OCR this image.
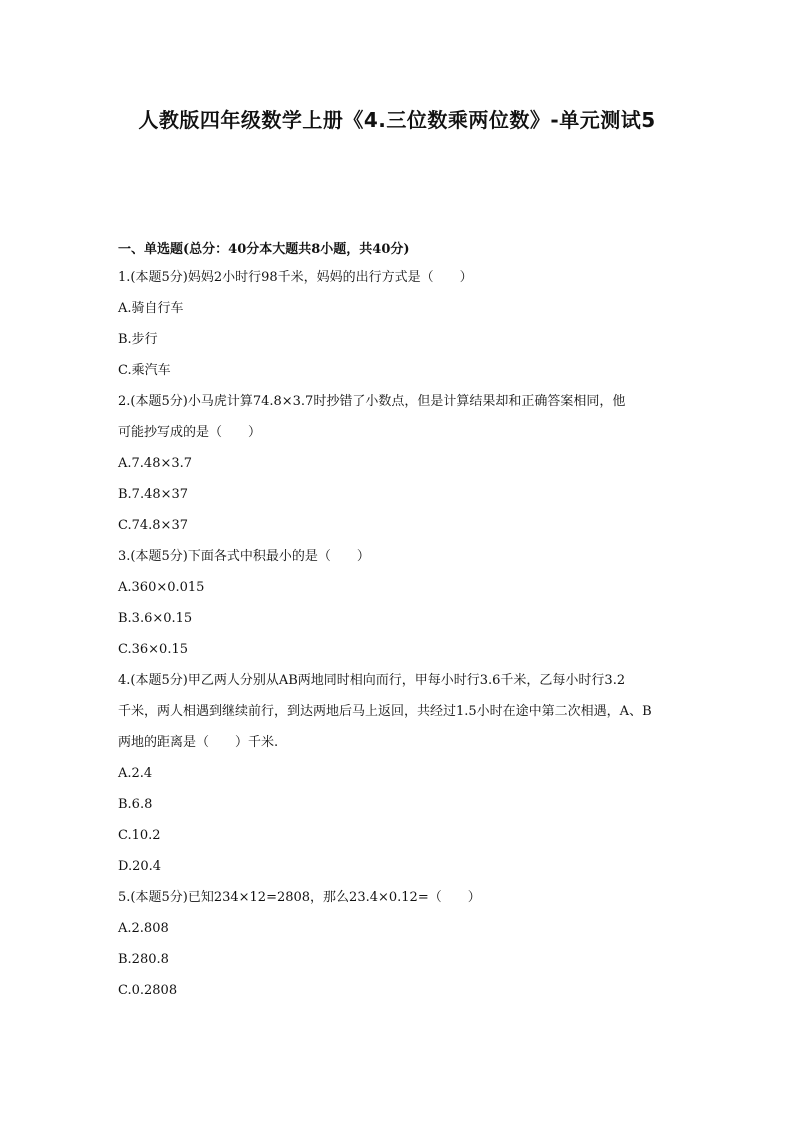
人教版四年级数学上册《4.三位数乘两位数》-单元测试5
一、单选题(总分：40分本大题共8小题，共40分)
1.(本题5分)妈妈2小时行98千米，妈妈的出行方式是（　　）
A.骑自行车
B.步行
C.乘汽车
2.(本题5分)小马虎计算74.8×3.7时抄错了小数点，但是计算结果却和正确答案相同，他
可能抄写成的是（　　）
A.7.48×3.7
B.7.48×37
C.74.8×37
3.(本题5分)下面各式中积最小的是（　　）
A.360×0.015
B.3.6×0.15
C.36×0.15
4.(本题5分)甲乙两人分别从AB两地同时相向而行，甲每小时行3.6千米，乙每小时行3.2
千米，两人相遇到继续前行，到达两地后马上返回，共经过1.5小时在途中第二次相遇，A、B
两地的距离是（　　）千米.
A.2.4
B.6.8
C.10.2
D.20.4
5.(本题5分)已知234×12=2808，那么23.4×0.12=（　　）
A.2.808
B.280.8
C.0.2808
